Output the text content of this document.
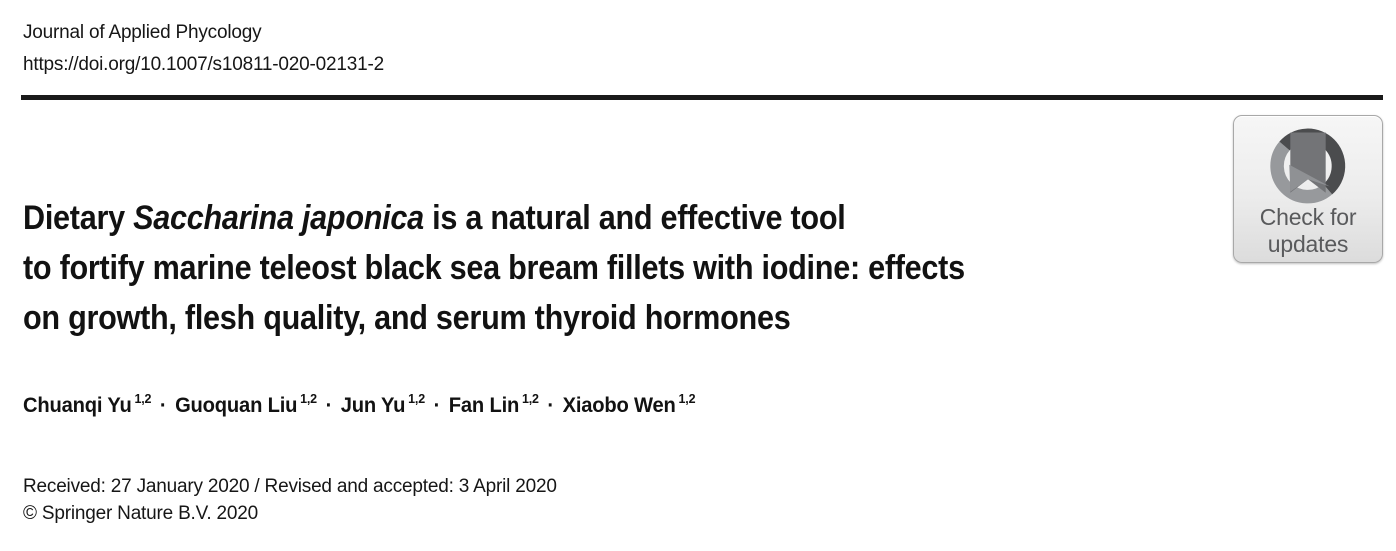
Journal of Applied Phycology
https://doi.org/10.1007/s10811-020-02131-2
Dietary Saccharina japonica is a natural and effective tool
to fortify marine teleost black sea bream fillets with iodine: effects
on growth, flesh quality, and serum thyroid hormones
Chuanqi Yu $^{1,2}$ · Guoquan Liu $^{1,2}$ · Jun Yu $^{1,2}$ · Fan Lin $^{1,2}$ · Xiaobo Wen $^{1,2}$
Received: 27 January 2020 / Revised and accepted: 3 April 2020
© Springer Nature B.V. 2020
Check for
updates
